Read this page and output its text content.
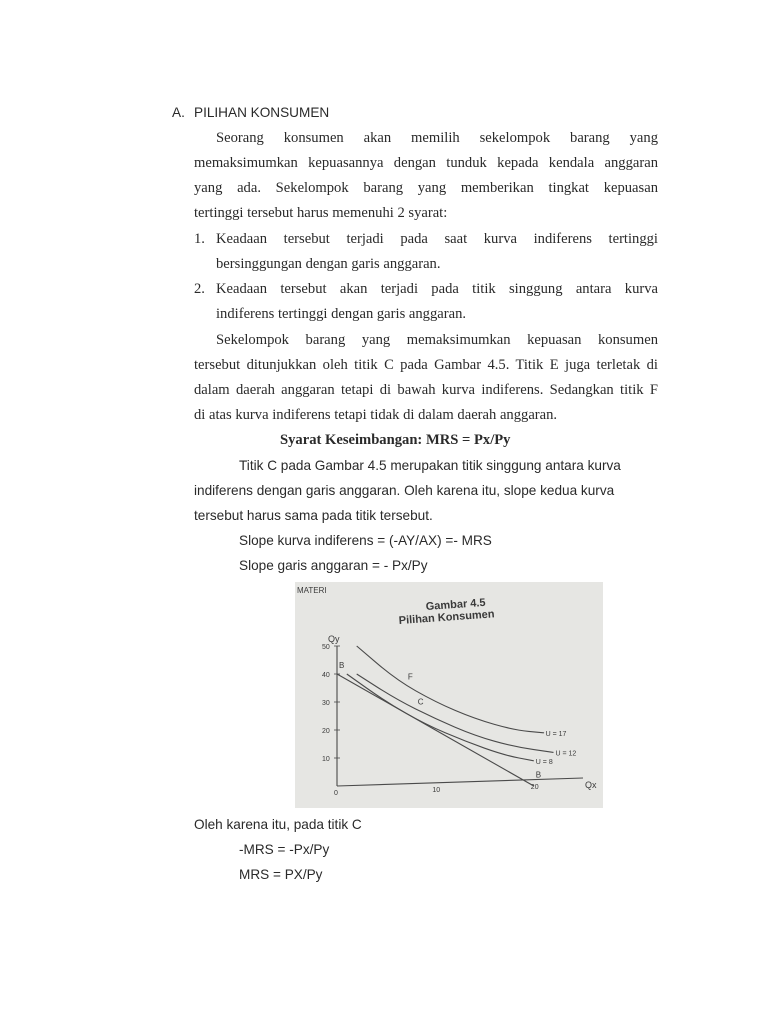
A. PILIHAN KONSUMEN
Seorang konsumen akan memilih sekelompok barang yang
memaksimumkan kepuasannya dengan tunduk kepada kendala anggaran
yang ada. Sekelompok barang yang memberikan tingkat kepuasan
tertinggi tersebut harus memenuhi 2 syarat:
1. Keadaan tersebut terjadi pada saat kurva indiferens tertinggi
bersinggungan dengan garis anggaran.
2. Keadaan tersebut akan terjadi pada titik singgung antara kurva
indiferens tertinggi dengan garis anggaran.
Sekelompok barang yang memaksimumkan kepuasan konsumen
tersebut ditunjukkan oleh titik C pada Gambar 4.5. Titik E juga terletak di
dalam daerah anggaran tetapi di bawah kurva indiferens. Sedangkan titik F
di atas kurva indiferens tetapi tidak di dalam daerah anggaran.
Syarat Keseimbangan: MRS = Px/Py
Titik C pada Gambar 4.5 merupakan titik singgung antara kurva
indiferens dengan garis anggaran. Oleh karena itu, slope kedua kurva
tersebut harus sama pada titik tersebut.
Slope kurva indiferens = (-AY/AX) =- MRS
Slope garis anggaran = - Px/Py
MATERI
Gambar 4.5
Pilihan Konsumen
Qy
Qx
50
40
30
20
10
0	10	20
U = 17
U = 12
U = 8
F
C
B
B
Oleh karena itu, pada titik C
-MRS = -Px/Py
MRS = PX/Py
